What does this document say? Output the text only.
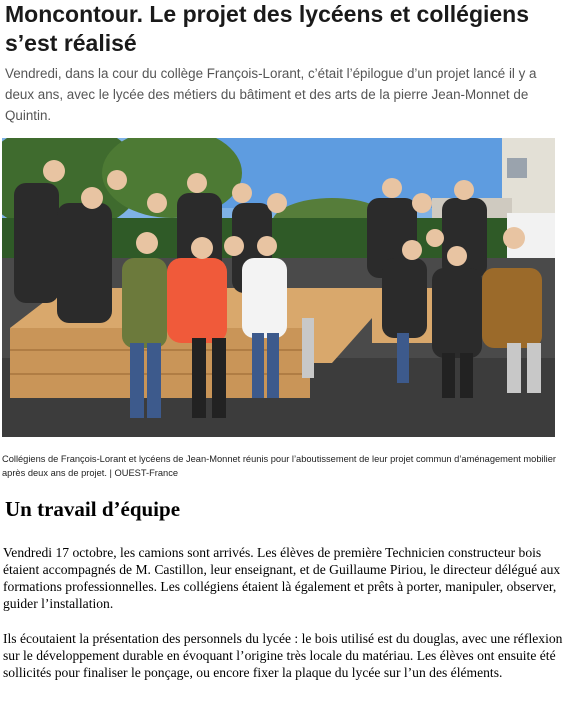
Moncontour. Le projet des lycéens et collégiens s’est réalisé

Vendredi, dans la cour du collège François-Lorant, c’était l’épilogue d’un projet lancé il y a deux ans, avec le lycée des métiers du bâtiment et des arts de la pierre Jean-Monnet de Quintin.

Collégiens de François-Lorant et lycéens de Jean-Monnet réunis pour l’aboutissement de leur projet commun d’aménagement mobilier après deux ans de projet. | OUEST-France

Un travail d’équipe

Vendredi 17 octobre, les camions sont arrivés. Les élèves de première Technicien constructeur bois étaient accompagnés de M. Castillon, leur enseignant, et de Guillaume Piriou, le directeur délégué aux formations professionnelles. Les collégiens étaient là également et prêts à porter, manipuler, observer, guider l’installation.

Ils écoutaient la présentation des personnels du lycée : le bois utilisé est du douglas, avec une réflexion sur le développement durable en évoquant l’origine très locale du matériau. Les élèves ont ensuite été sollicités pour finaliser le ponçage, ou encore fixer la plaque du lycée sur l’un des éléments.
